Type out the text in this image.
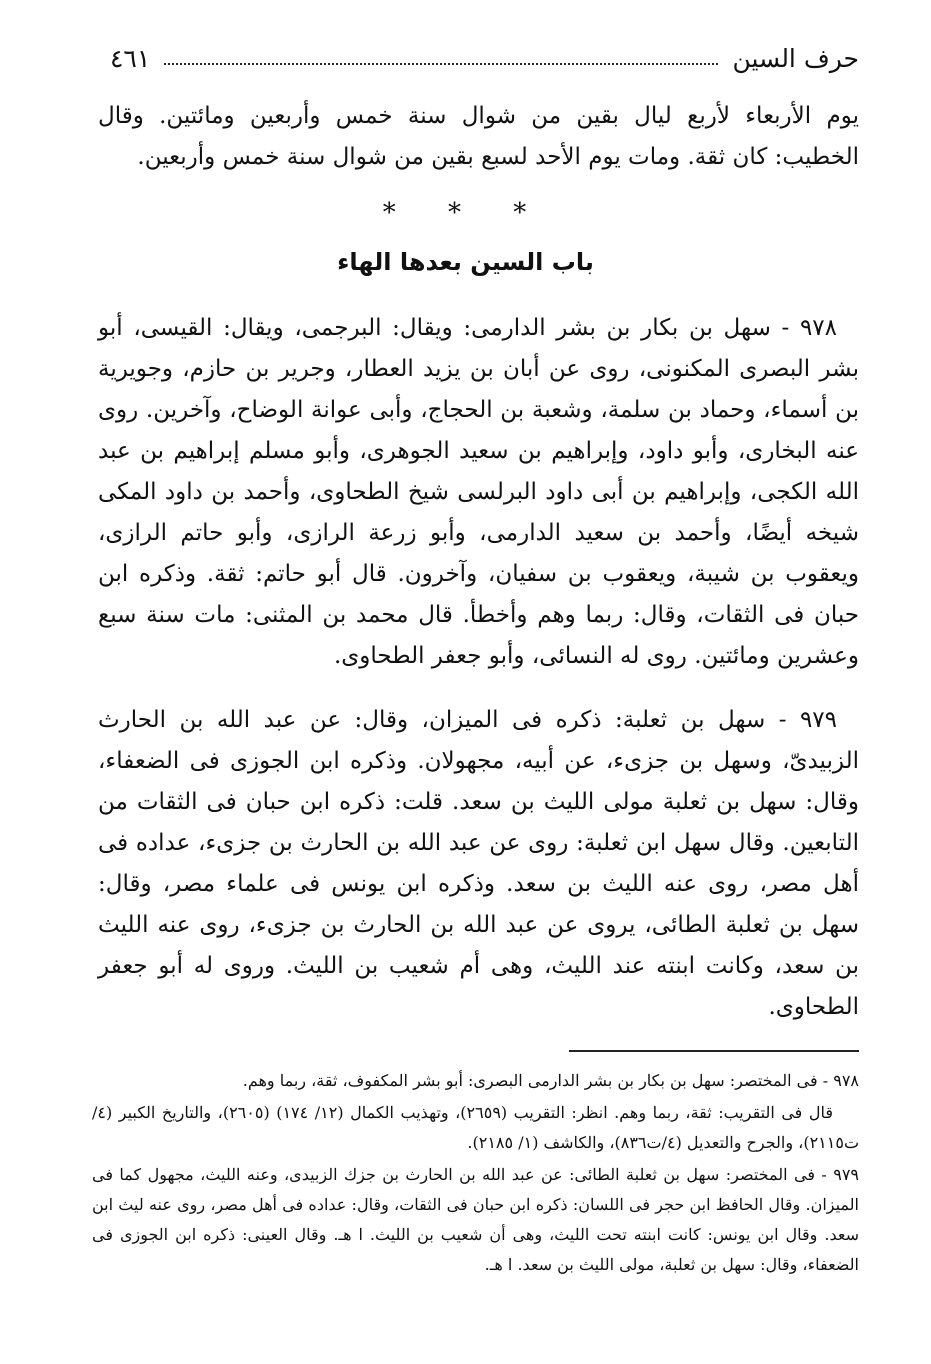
حرف السين
٤٦١
يوم الأربعاء لأربع ليال بقين من شوال سنة خمس وأربعين ومائتين. وقال الخطيب: كان ثقة. ومات يوم الأحد لسبع بقين من شوال سنة خمس وأربعين.
* * *
باب السين بعدها الهاء

٩٧٨ - سهل بن بكار بن بشر الدارمى: ويقال: البرجمى، ويقال: القيسى، أبو بشر البصرى المكنونى، روى عن أبان بن يزيد العطار، وجرير بن حازم، وجويرية بن أسماء، وحماد بن سلمة، وشعبة بن الحجاج، وأبى عوانة الوضاح، وآخرين. روى عنه البخارى، وأبو داود، وإبراهيم بن سعيد الجوهرى، وأبو مسلم إبراهيم بن عبد الله الكجى، وإبراهيم بن أبى داود البرلسى شيخ الطحاوى، وأحمد بن داود المكى شيخه أيضًا، وأحمد بن سعيد الدارمى، وأبو زرعة الرازى، وأبو حاتم الرازى، ويعقوب بن شيبة، ويعقوب بن سفيان، وآخرون. قال أبو حاتم: ثقة. وذكره ابن حبان فى الثقات، وقال: ربما وهم وأخطأ. قال محمد بن المثنى: مات سنة سبع وعشرين ومائتين. روى له النسائى، وأبو جعفر الطحاوى.

٩٧٩ - سهل بن ثعلبة: ذكره فى الميزان، وقال: عن عبد الله بن الحارث الزبيدىّ، وسهل بن جزىء، عن أبيه، مجهولان. وذكره ابن الجوزى فى الضعفاء، وقال: سهل بن ثعلبة مولى الليث بن سعد. قلت: ذكره ابن حبان فى الثقات من التابعين. وقال سهل ابن ثعلبة: روى عن عبد الله بن الحارث بن جزىء، عداده فى أهل مصر، روى عنه الليث بن سعد. وذكره ابن يونس فى علماء مصر، وقال: سهل بن ثعلبة الطائى، يروى عن عبد الله بن الحارث بن جزىء، روى عنه الليث بن سعد، وكانت ابنته عند الليث، وهى أم شعيب بن الليث. وروى له أبو جعفر الطحاوى.

٩٧٨ - فى المختصر: سهل بن بكار بن بشر الدارمى البصرى: أبو بشر المكفوف، ثقة، ربما وهم.

قال فى التقريب: ثقة، ربما وهم. انظر: التقريب (٢٦٥٩)، وتهذيب الكمال (١٢/ ١٧٤) (٢٦٠٥)، والتاريخ الكبير (٤/ت٢١١٥)، والجرح والتعديل (٤/ت٨٣٦)، والكاشف (١/ ٢١٨٥).

٩٧٩ - فى المختصر: سهل بن ثعلبة الطائى: عن عبد الله بن الحارث بن جزك الزبيدى، وعنه الليث، مجهول كما فى الميزان. وقال الحافظ ابن حجر فى اللسان: ذكره ابن حبان فى الثقات، وقال: عداده فى أهل مصر، روى عنه ليث ابن سعد. وقال ابن يونس: كانت ابنته تحت الليث، وهى أن شعيب بن الليث. ا هـ. وقال العينى: ذكره ابن الجوزى فى الضعفاء، وقال: سهل بن ثعلبة، مولى الليث بن سعد. ا هـ.
